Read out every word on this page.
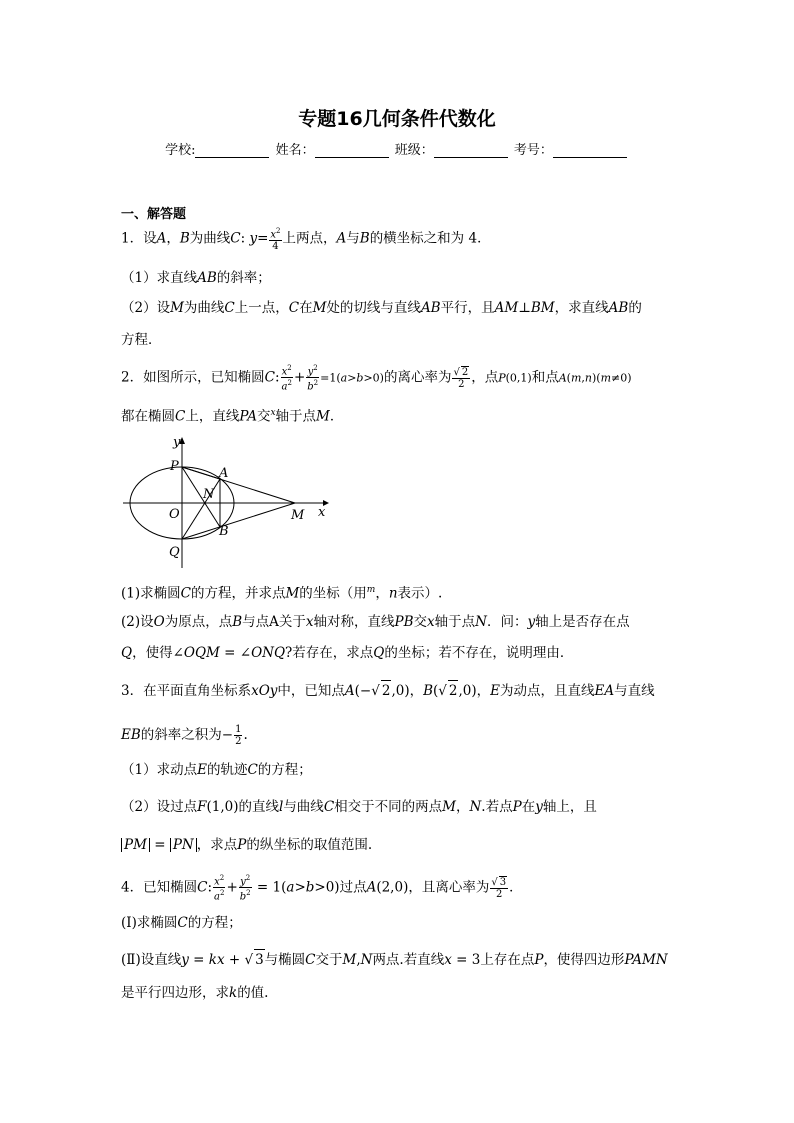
专题16几何条件代数化
学校:	姓名：	班级：	考号：
一、解答题
1．设A，B为曲线C: $y= \frac{x^2}{4}$ 上两点，A与B的横坐标之和为 4．
（1）求直线AB的斜率；
（2）设M为曲线C上一点，C在M处的切线与直线AB平行，且AM⊥BM，求直线AB的
方程．
2．如图所示，已知椭圆C: $\frac{x^2}{a^2} + \frac{y^2}{b^2} =1(a>b>0)$的离心率为 $\frac{√ 2}{2}$ ，点P(0,1)和点A(m,n)(m≠0)
都在椭圆C上，直线PA交$^x$轴于点M．
y
P	A
N
O
B
M x
Q
(1)求椭圆C的方程，并求点M的坐标（用$^m$，n表示）.
(2)设O为原点，点B与点A关于x轴对称，直线PB交x轴于点N．问：y轴上是否存在点
Q，使得∠OQM = ∠ONQ?若存在，求点Q的坐标；若不存在，说明理由．
3．在平面直角坐标系xOy中，已知点A(−√ 2,0)，B(√ 2,0)，E为动点，且直线EA与直线
EB的斜率之积为− $\frac{1}{2}$ .
（1）求动点E的轨迹C的方程；
（2）设过点F(1,0)的直线l与曲线C相交于不同的两点M，N.若点P在y轴上，且
PM = PN ，求点P的纵坐标的取值范围.
4．已知椭圆C: $\frac{x^2}{a^2} + \frac{y^2}{b^2} = 1(a>b>0)$过点A(2,0)，且离心率为 $\frac{√ 3}{2}$ ．
(Ⅰ)求椭圆C的方程；
(Ⅱ)设直线y = kx + √ 3与椭圆C交于M,N两点.若直线x = 3上存在点P，使得四边形PAMN
是平行四边形，求k的值.
